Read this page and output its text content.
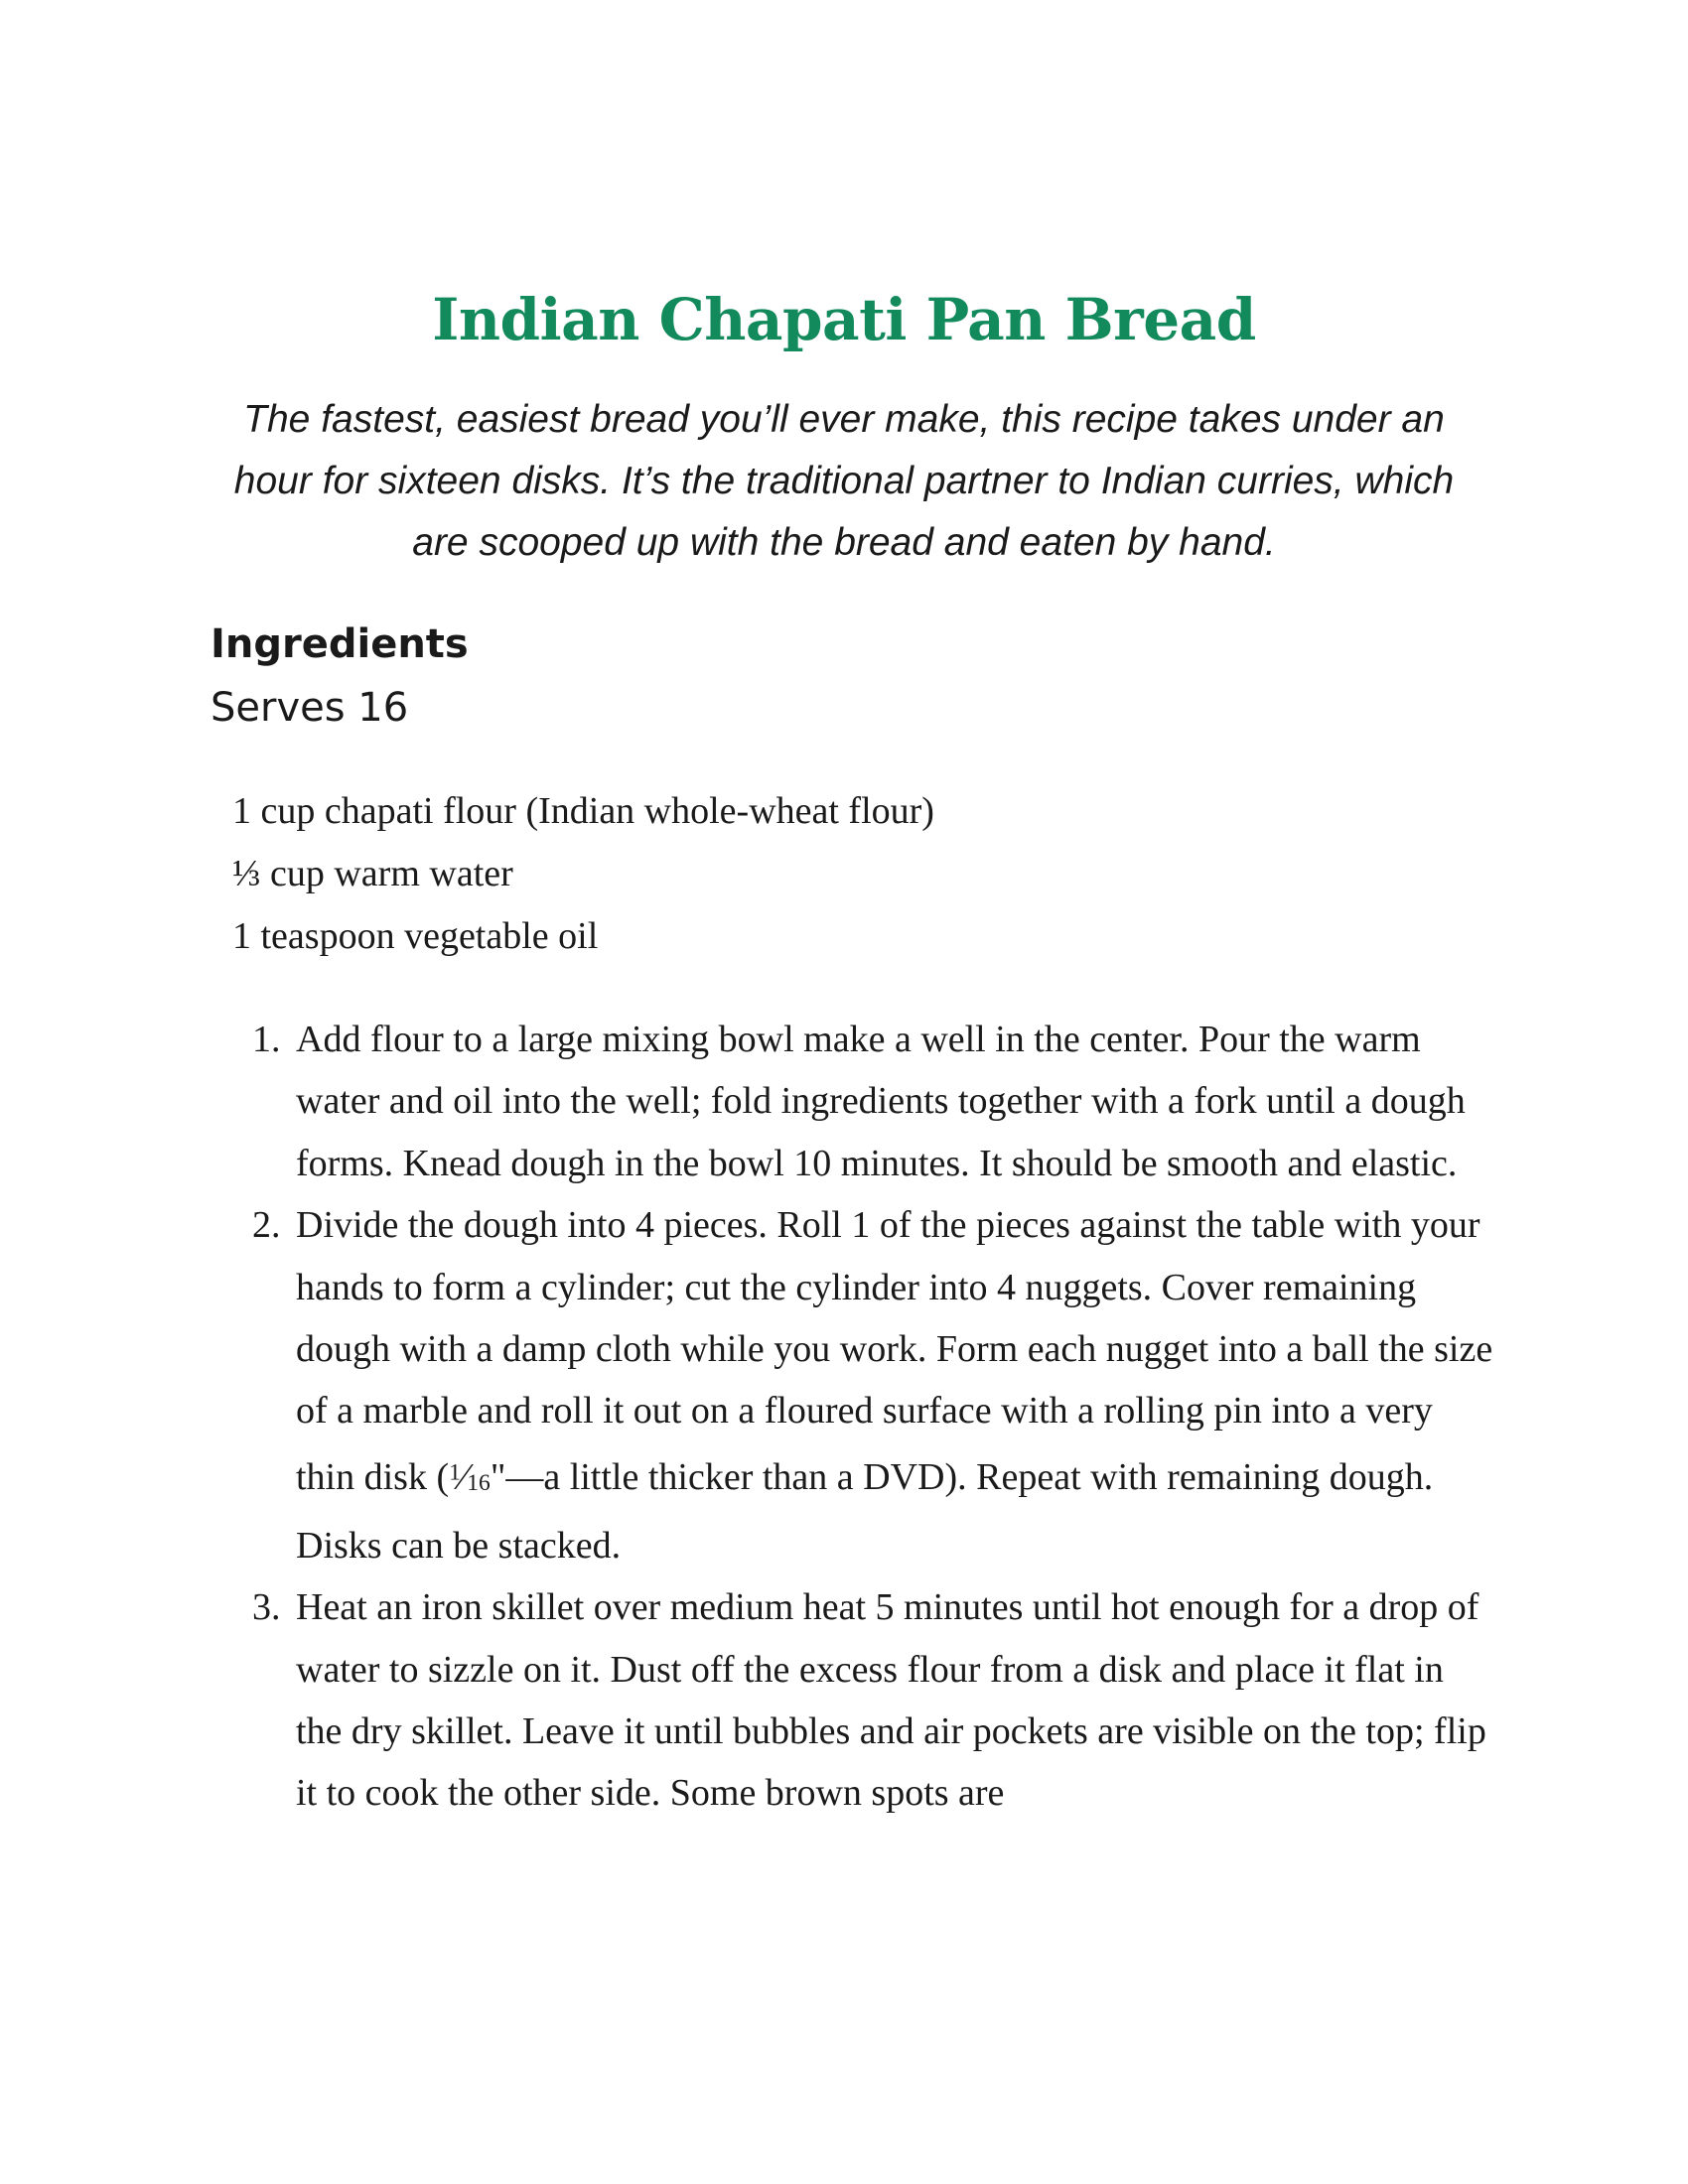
Indian Chapati Pan Bread

The fastest, easiest bread you’ll ever make, this recipe takes under an hour for sixteen disks. It’s the traditional partner to Indian curries, which are scooped up with the bread and eaten by hand.

Ingredients

Serves 16

1 cup chapati flour (Indian whole-wheat flour)
⅓ cup warm water
1 teaspoon vegetable oil
1. Add flour to a large mixing bowl make a well in the center. Pour the warm water and oil into the well; fold ingredients together with a fork until a dough forms. Knead dough in the bowl 10 minutes. It should be smooth and elastic.
2. Divide the dough into 4 pieces. Roll 1 of the pieces against the table with your hands to form a cylinder; cut the cylinder into 4 nuggets. Cover remaining dough with a damp cloth while you work. Form each nugget into a ball the size of a marble and roll it out on a floured surface with a rolling pin into a very thin disk ($^1$⁄16"—a little thicker than a DVD). Repeat with remaining dough. Disks can be stacked.
3. Heat an iron skillet over medium heat 5 minutes until hot enough for a drop of water to sizzle on it. Dust off the excess flour from a disk and place it flat in the dry skillet. Leave it until bubbles and air pockets are visible on the top; flip it to cook the other side. Some brown spots are
